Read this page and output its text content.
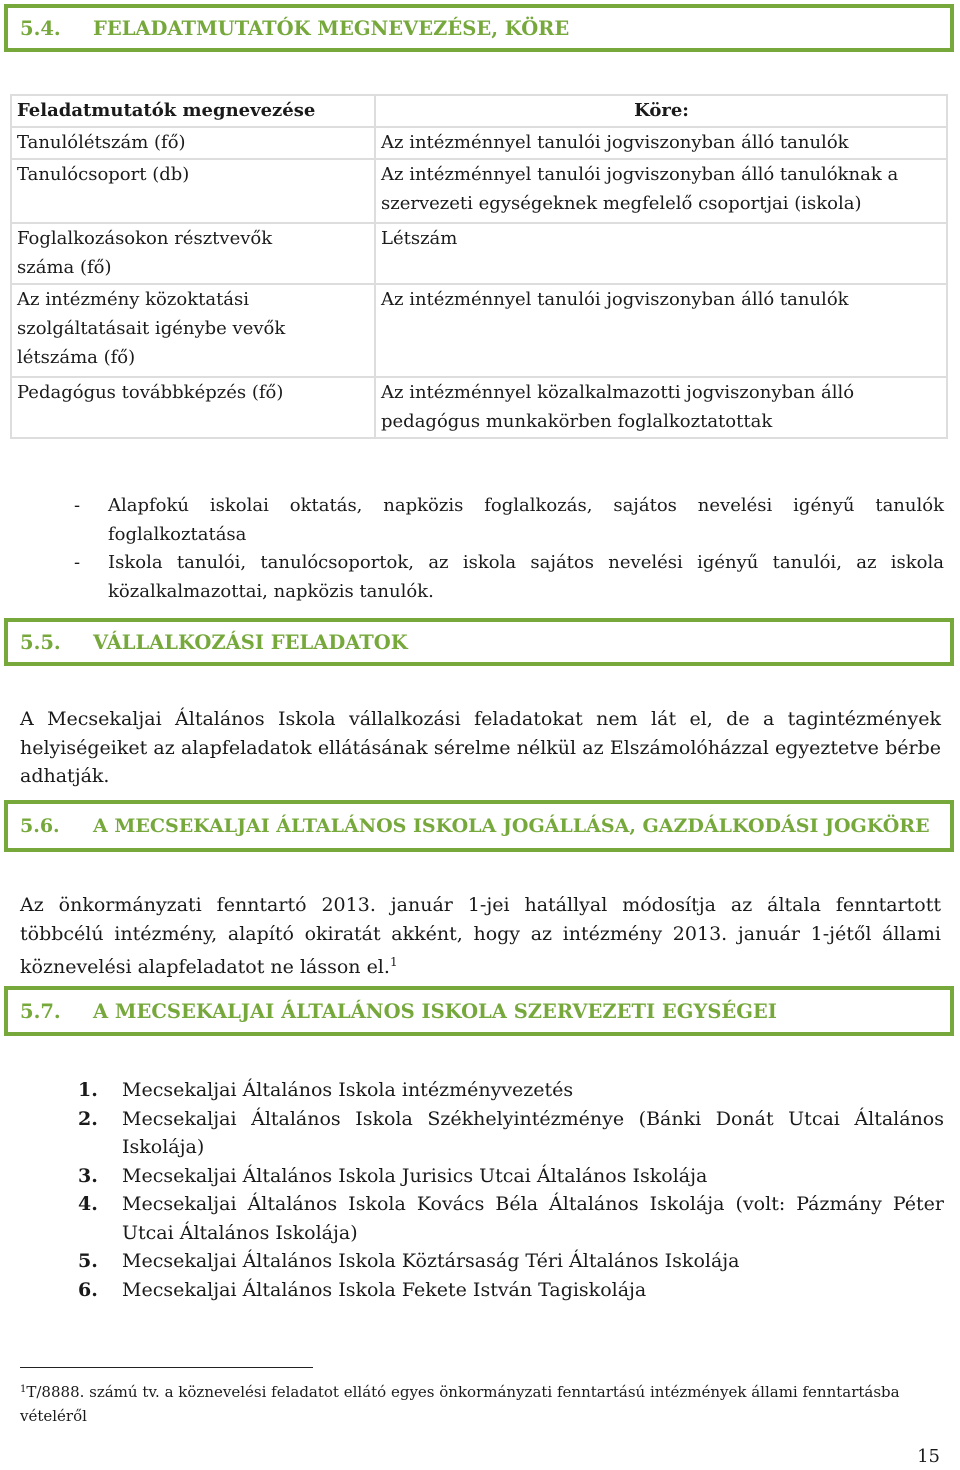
5.4.	FELADATMUTATÓK MEGNEVEZÉSE, KÖRE
Feladatmutatók megnevezése	Köre:
Tanulólétszám (fő)	Az intézménnyel tanulói jogviszonyban álló tanulók
Tanulócsoport (db)	Az intézménnyel tanulói jogviszonyban álló tanulóknak a szervezeti egységeknek megfelelő csoportjai (iskola)
Foglalkozásokon résztvevők száma (fő)	Létszám
Az intézmény közoktatási szolgáltatásait igénybe vevők létszáma (fő)	Az intézménnyel tanulói jogviszonyban álló tanulók
Pedagógus továbbképzés (fő)	Az intézménnyel közalkalmazotti jogviszonyban álló pedagógus munkakörben foglalkoztatottak
- Alapfokú iskolai oktatás, napközis foglalkozás, sajátos nevelési igényű tanulók foglalkoztatása
- Iskola tanulói, tanulócsoportok, az iskola sajátos nevelési igényű tanulói, az iskola közalkalmazottai, napközis tanulók.
5.5.	VÁLLALKOZÁSI FELADATOK

A Mecsekaljai Általános Iskola vállalkozási feladatokat nem lát el, de a tagintézmények helyiségeiket az alapfeladatok ellátásának sérelme nélkül az Elszámolóházzal egyeztetve bérbe adhatják.

5.6.	A MECSEKALJAI ÁLTALÁNOS ISKOLA JOGÁLLÁSA, GAZDÁLKODÁSI JOGKÖRE

Az önkormányzati fenntartó 2013. január 1-jei hatállyal módosítja az általa fenntartott többcélú intézmény, alapító okiratát akként, hogy az intézmény 2013. január 1-jétől állami köznevelési alapfeladatot ne lásson el.$^1$

5.7.	A MECSEKALJAI ÁLTALÁNOS ISKOLA SZERVEZETI EGYSÉGEI
1. Mecsekaljai Általános Iskola intézményvezetés
2. Mecsekaljai Általános Iskola Székhelyintézménye (Bánki Donát Utcai Általános Iskolája)
3. Mecsekaljai Általános Iskola Jurisics Utcai Általános Iskolája
4. Mecsekaljai Általános Iskola Kovács Béla Általános Iskolája (volt: Pázmány Péter Utcai Általános Iskolája)
5. Mecsekaljai Általános Iskola Köztársaság Téri Általános Iskolája
6. Mecsekaljai Általános Iskola Fekete István Tagiskolája

$^1$T/8888. számú tv. a köznevelési feladatot ellátó egyes önkormányzati fenntartású intézmények állami fenntartásba vételéről

15
